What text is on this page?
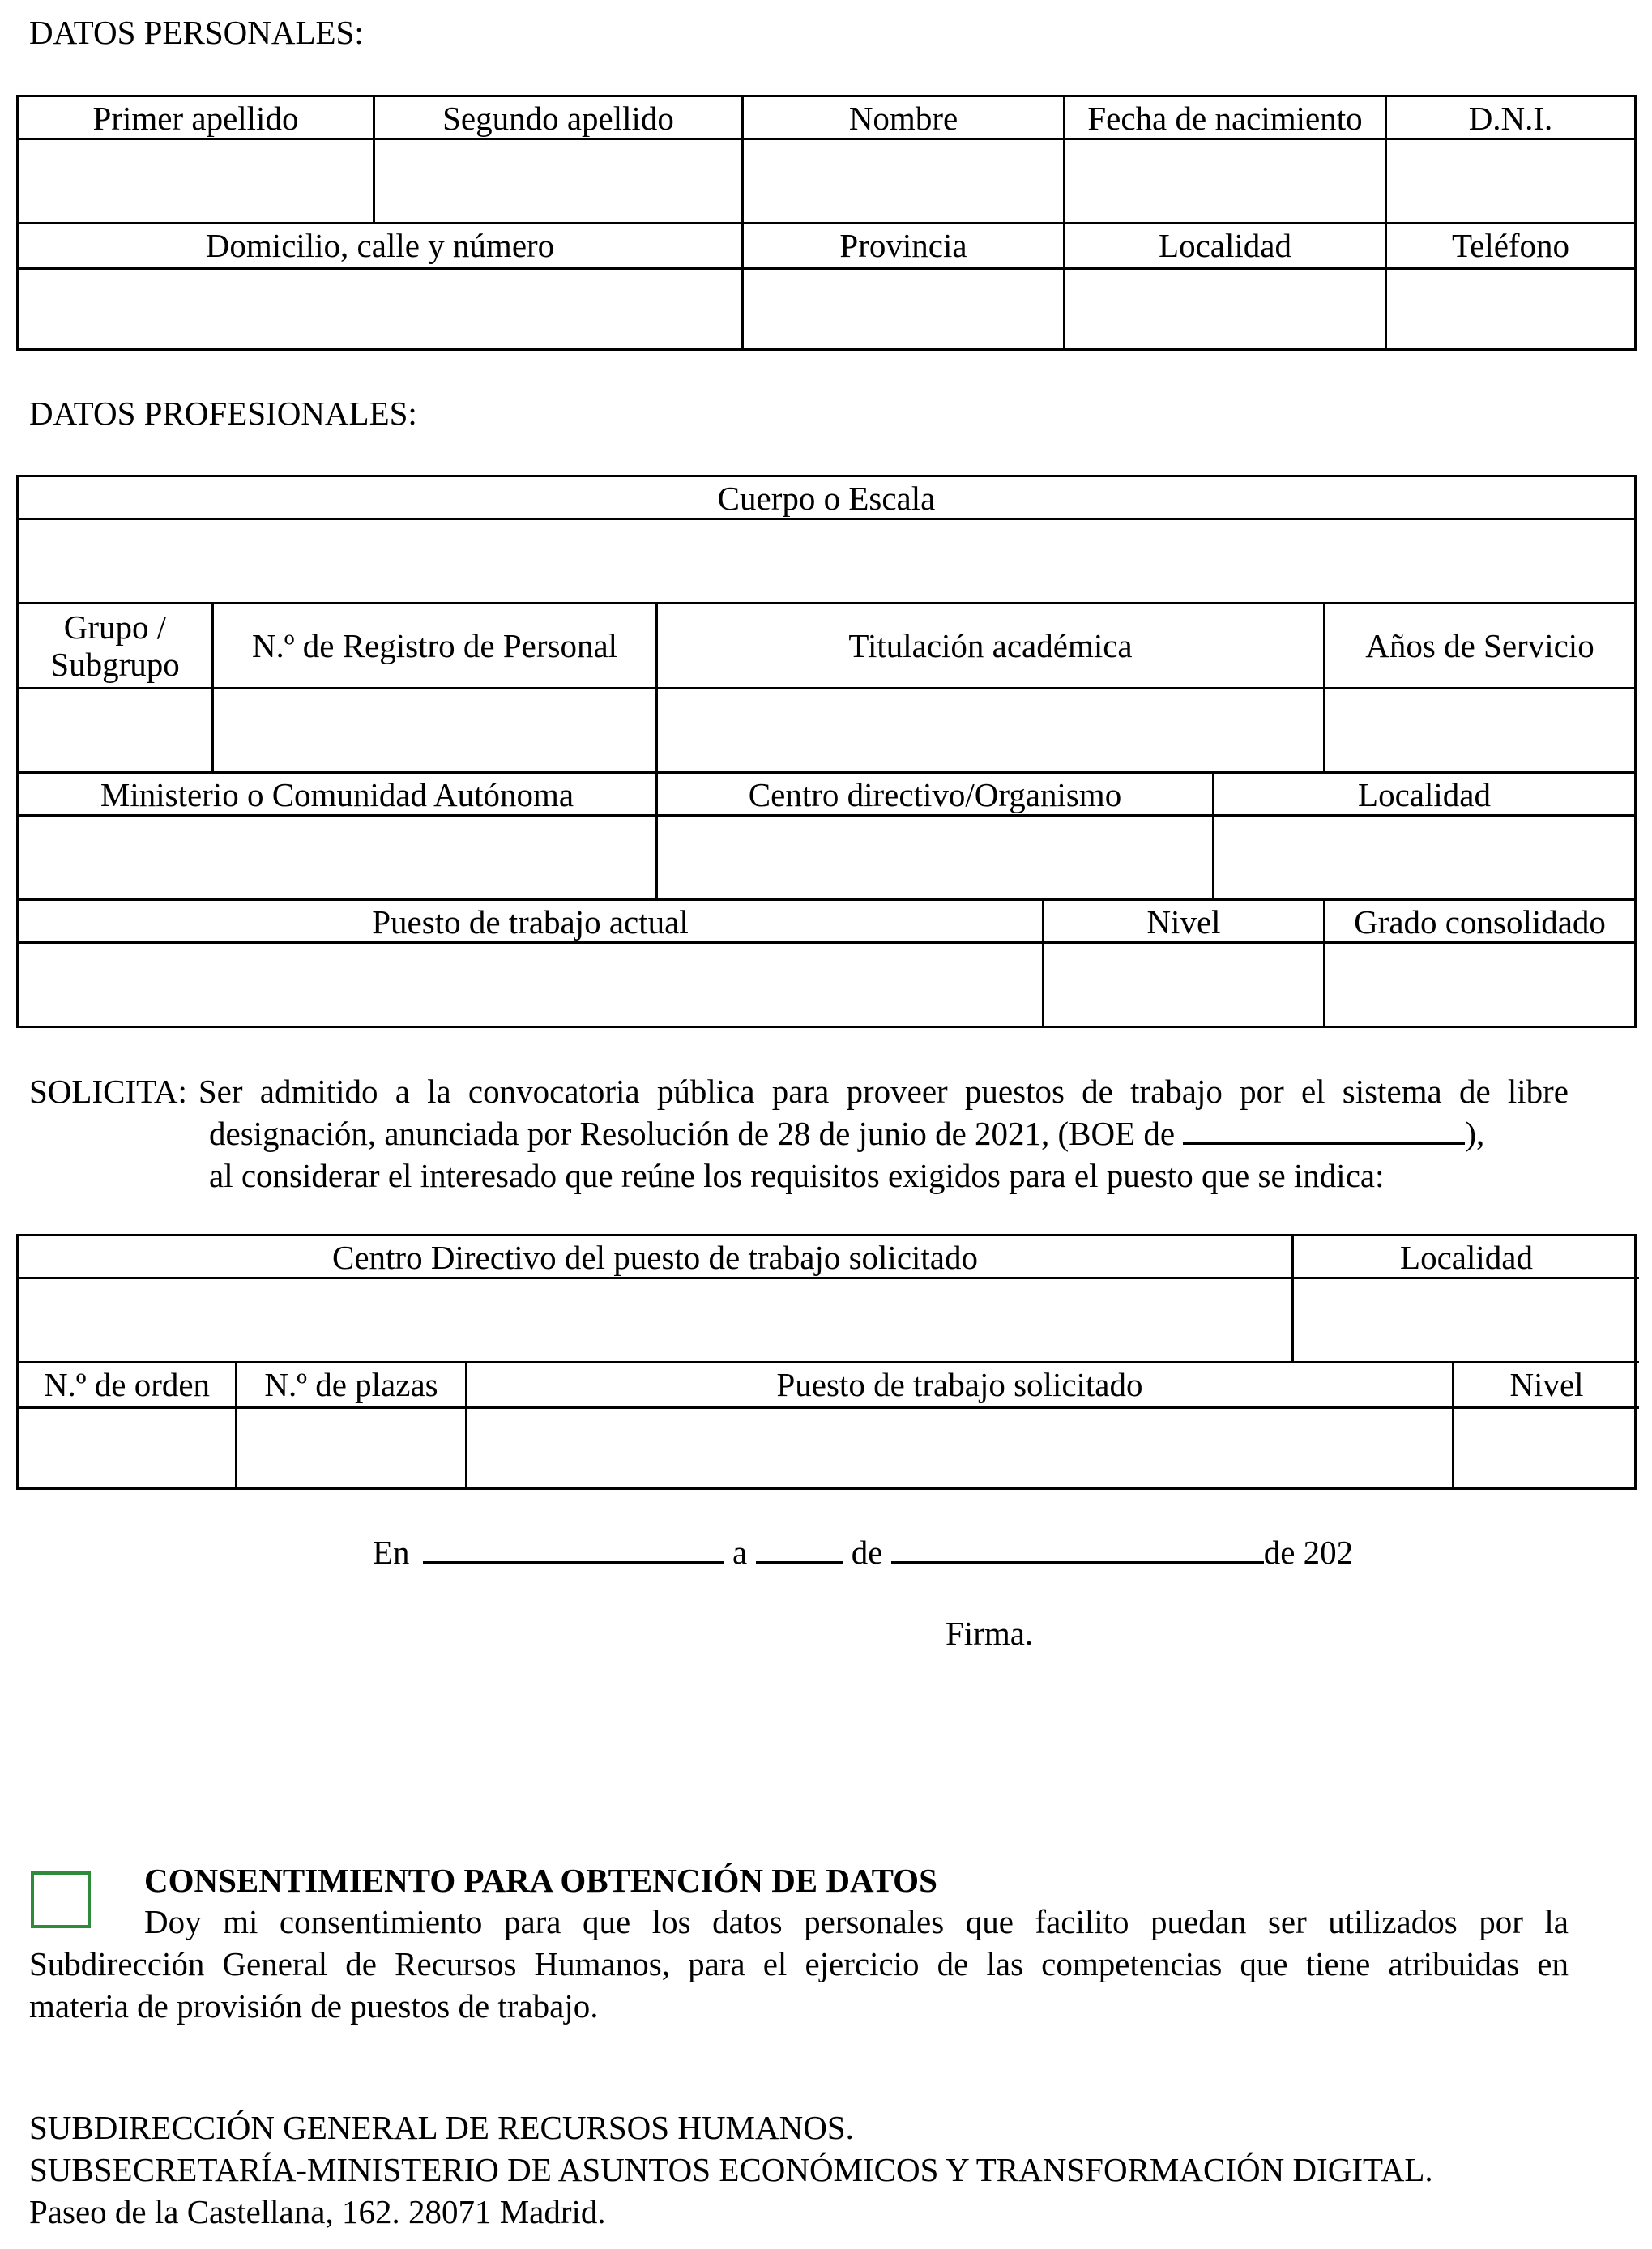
DATOS PERSONALES:
Primer apellido	Segundo apellido	Nombre	Fecha de nacimiento	D.N.I.
Domicilio, calle y número	Provincia	Localidad	Teléfono
DATOS PROFESIONALES:
Cuerpo o Escala
Grupo /
Subgrupo	N.º de Registro de Personal	Titulación académica	Años de Servicio
Ministerio o Comunidad Autónoma	Centro directivo/Organismo	Localidad
Puesto de trabajo actual	Nivel	Grado consolidado
SOLICITA: Ser admitido a la convocatoria pública para proveer puestos de trabajo por el sistema de libre
designación, anunciada por Resolución de 28 de junio de 2021, (BOE de	),
al considerar el interesado que reúne los requisitos exigidos para el puesto que se indica:
Centro Directivo del puesto de trabajo solicitado	Localidad
N.º de orden	N.º de plazas	Puesto de trabajo solicitado	Nivel
En	a	de	de 202
Firma.
CONSENTIMIENTO PARA OBTENCIÓN DE DATOS
Doy mi consentimiento para que los datos personales que facilito puedan ser utilizados por la
Subdirección General de Recursos Humanos, para el ejercicio de las competencias que tiene atribuidas en
materia de provisión de puestos de trabajo.
SUBDIRECCIÓN GENERAL DE RECURSOS HUMANOS.
SUBSECRETARÍA-MINISTERIO DE ASUNTOS ECONÓMICOS Y TRANSFORMACIÓN DIGITAL.
Paseo de la Castellana, 162. 28071 Madrid.
